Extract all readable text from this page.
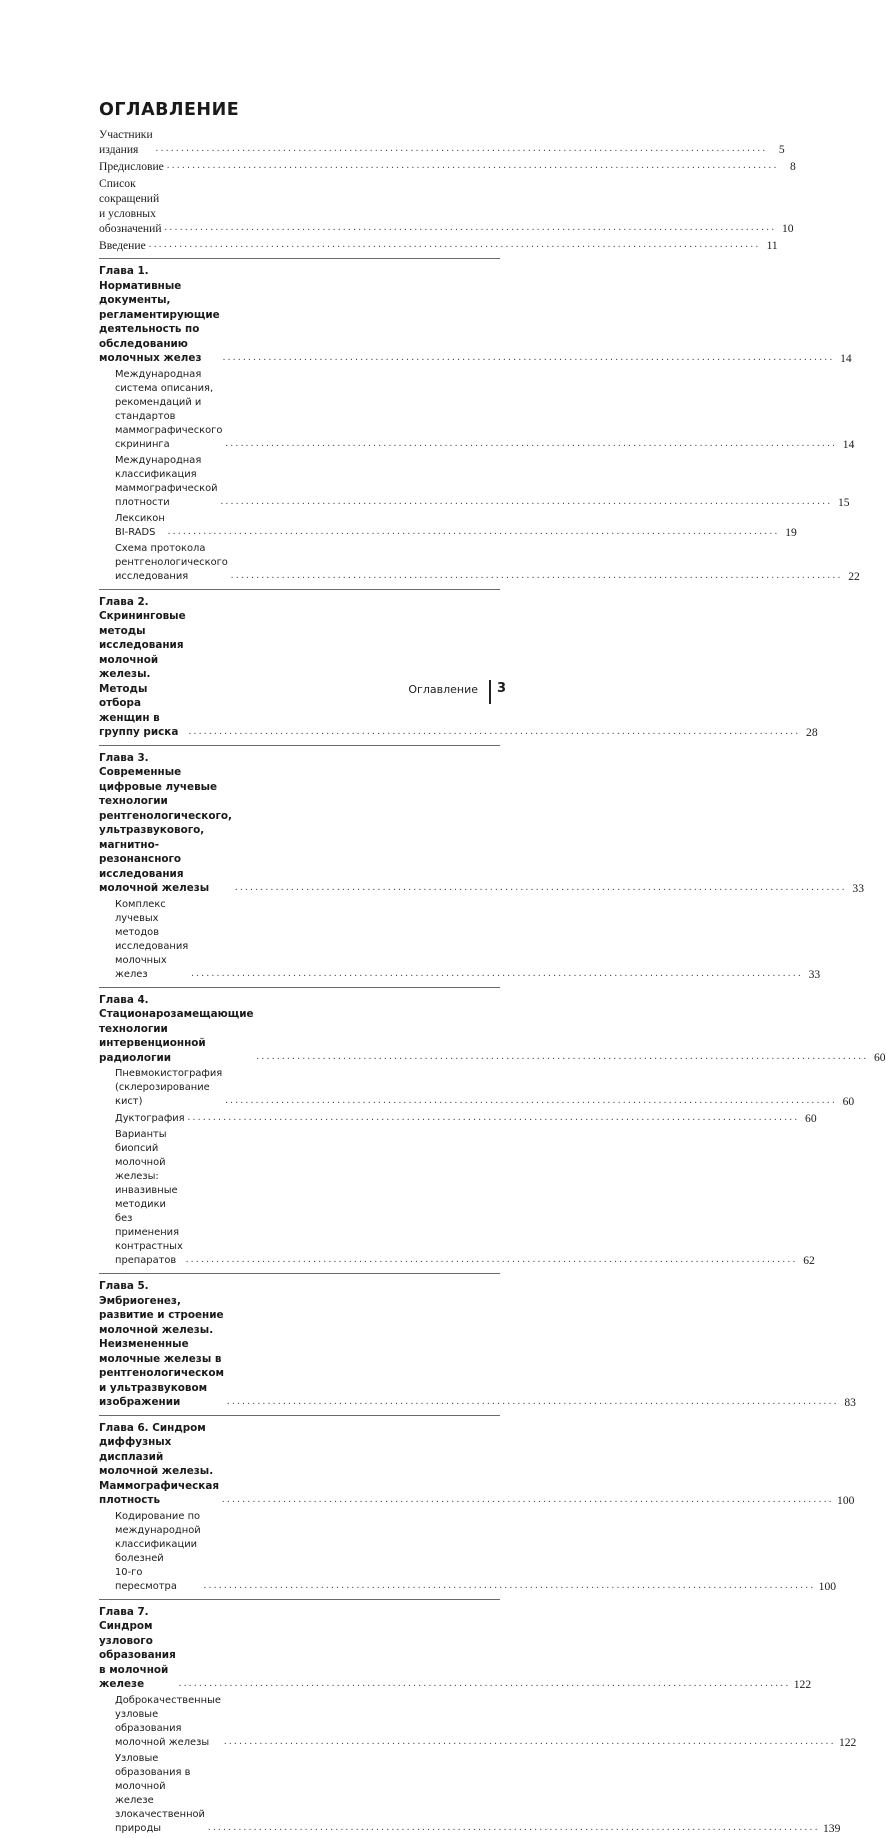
ОГЛАВЛЕНИЕ
Участники издания	........................................................................................................................ 5
Предисловие ........................................................................................................................ 8
Список сокращений и условных обозначений ........................................................................................................................ 10
Введение ........................................................................................................................ 11
Глава 1. Нормативные документы, регламентирующие
деятельность по обследованию молочных желез	........................................................................................................................ 14
Международная система описания, рекомендаций и стандартов
маммографического скрининга	........................................................................................................................ 14
Международная классификация маммографической плотности	........................................................................................................................ 15
Лексикон BI-RADS	........................................................................................................................ 19
Схема протокола рентгенологического исследования	........................................................................................................................ 22
Глава 2. Скрининговые методы исследования молочной железы.
Методы отбора женщин в группу риска	........................................................................................................................ 28
Глава 3. Современные цифровые лучевые технологии
рентгенологического, ультразвукового,
магнитно-резонансного исследования молочной железы	........................................................................................................................ 33
Комплекс лучевых методов исследования молочных желез	........................................................................................................................ 33
Глава 4. Стационарозамещающие технологии
интервенционной радиологии	........................................................................................................................ 60
Пневмокистография (склерозирование кист)	........................................................................................................................ 60
Дуктография ........................................................................................................................ 60
Варианты биопсий молочной железы: инвазивные методики
без применения контрастных препаратов ........................................................................................................................ 62
Глава 5. Эмбриогенез, развитие и строение молочной железы.
Неизмененные молочные железы в рентгенологическом
и ультразвуковом изображении	........................................................................................................................ 83
Глава 6. Синдром диффузных дисплазий молочной железы.
Маммографическая плотность	........................................................................................................................ 100
Кодирование по международной классификации болезней
10-го пересмотра	........................................................................................................................ 100
Глава 7. Синдром узлового образования
в молочной железе	........................................................................................................................ 122
Доброкачественные узловые образования молочной железы	........................................................................................................................ 122
Узловые образования в молочной железе злокачественной природы	........................................................................................................................ 139
Оглавление 3
